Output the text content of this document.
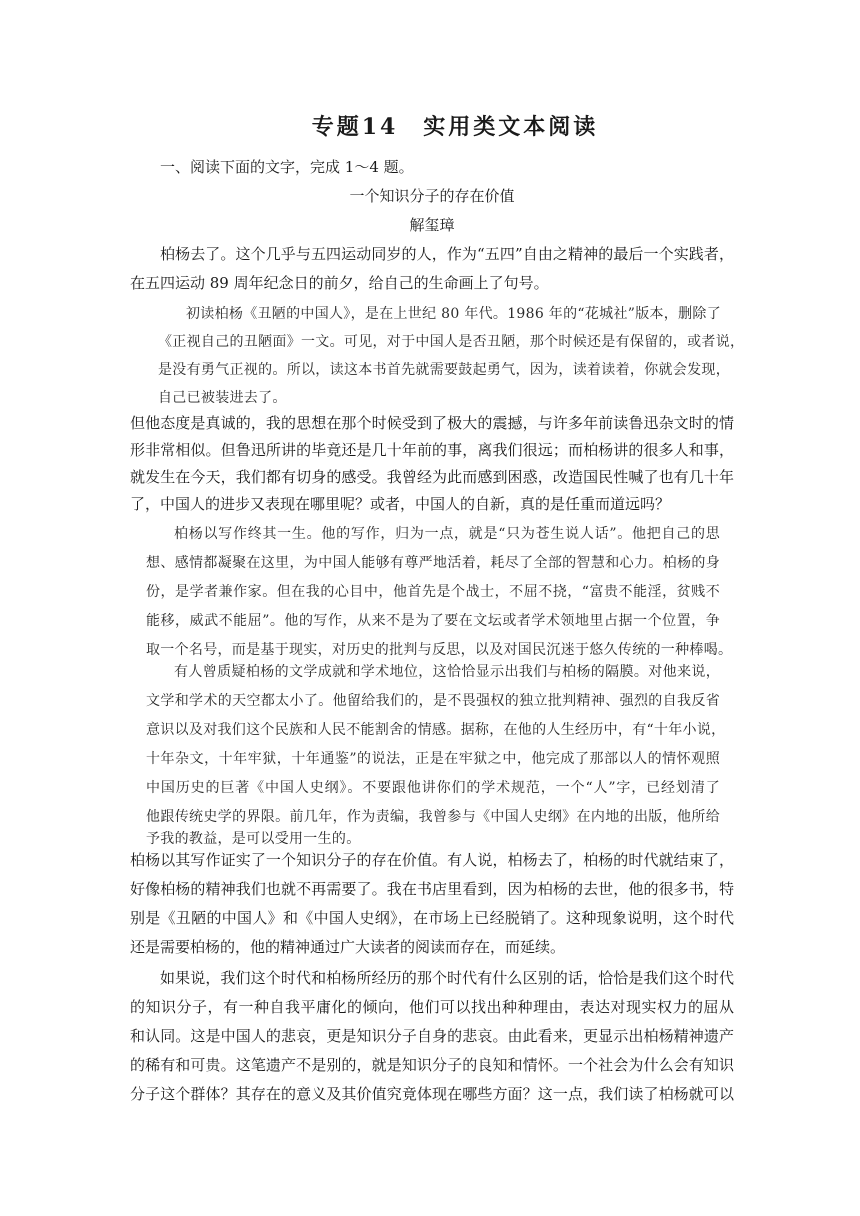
专题14　实用类文本阅读
一、阅读下面的文字，完成 1～4 题。
一个知识分子的存在价值
解玺璋
柏杨去了。这个几乎与五四运动同岁的人，作为“五四”自由之精神的最后一个实践者，
在五四运动 89 周年纪念日的前夕，给自己的生命画上了句号。
初读柏杨《丑陋的中国人》，是在上世纪 80 年代。1986 年的“花城社”版本，删除了
《正视自己的丑陋面》一文。可见，对于中国人是否丑陋，那个时候还是有保留的，或者说，
是没有勇气正视的。所以，读这本书首先就需要鼓起勇气，因为，读着读着，你就会发现，
自己已被装进去了。
但他态度是真诚的，我的思想在那个时候受到了极大的震撼，与许多年前读鲁迅杂文时的情
形非常相似。但鲁迅所讲的毕竟还是几十年前的事，离我们很远；而柏杨讲的很多人和事，
就发生在今天，我们都有切身的感受。我曾经为此而感到困惑，改造国民性喊了也有几十年
了，中国人的进步又表现在哪里呢？或者，中国人的自新，真的是任重而道远吗？
柏杨以写作终其一生。他的写作，归为一点，就是“只为苍生说人话”。他把自己的思
想、感情都凝聚在这里，为中国人能够有尊严地活着，耗尽了全部的智慧和心力。柏杨的身
份，是学者兼作家。但在我的心目中，他首先是个战士，不屈不挠，“富贵不能淫，贫贱不
能移，威武不能屈”。他的写作，从来不是为了要在文坛或者学术领地里占据一个位置，争
取一个名号，而是基于现实，对历史的批判与反思，以及对国民沉迷于悠久传统的一种棒喝。
有人曾质疑柏杨的文学成就和学术地位，这恰恰显示出我们与柏杨的隔膜。对他来说，
文学和学术的天空都太小了。他留给我们的，是不畏强权的独立批判精神、强烈的自我反省
意识以及对我们这个民族和人民不能割舍的情感。据称，在他的人生经历中，有“十年小说，
十年杂文，十年牢狱，十年通鉴”的说法，正是在牢狱之中，他完成了那部以人的情怀观照
中国历史的巨著《中国人史纲》。不要跟他讲你们的学术规范，一个“人”字，已经划清了
他跟传统史学的界限。前几年，作为责编，我曾参与《中国人史纲》在内地的出版，他所给
予我的教益，是可以受用一生的。
柏杨以其写作证实了一个知识分子的存在价值。有人说，柏杨去了，柏杨的时代就结束了，
好像柏杨的精神我们也就不再需要了。我在书店里看到，因为柏杨的去世，他的很多书，特
别是《丑陋的中国人》和《中国人史纲》，在市场上已经脱销了。这种现象说明，这个时代
还是需要柏杨的，他的精神通过广大读者的阅读而存在，而延续。
如果说，我们这个时代和柏杨所经历的那个时代有什么区别的话，恰恰是我们这个时代
的知识分子，有一种自我平庸化的倾向，他们可以找出种种理由，表达对现实权力的屈从
和认同。这是中国人的悲哀，更是知识分子自身的悲哀。由此看来，更显示出柏杨精神遗产
的稀有和可贵。这笔遗产不是别的，就是知识分子的良知和情怀。一个社会为什么会有知识
分子这个群体？其存在的意义及其价值究竟体现在哪些方面？这一点，我们读了柏杨就可以
